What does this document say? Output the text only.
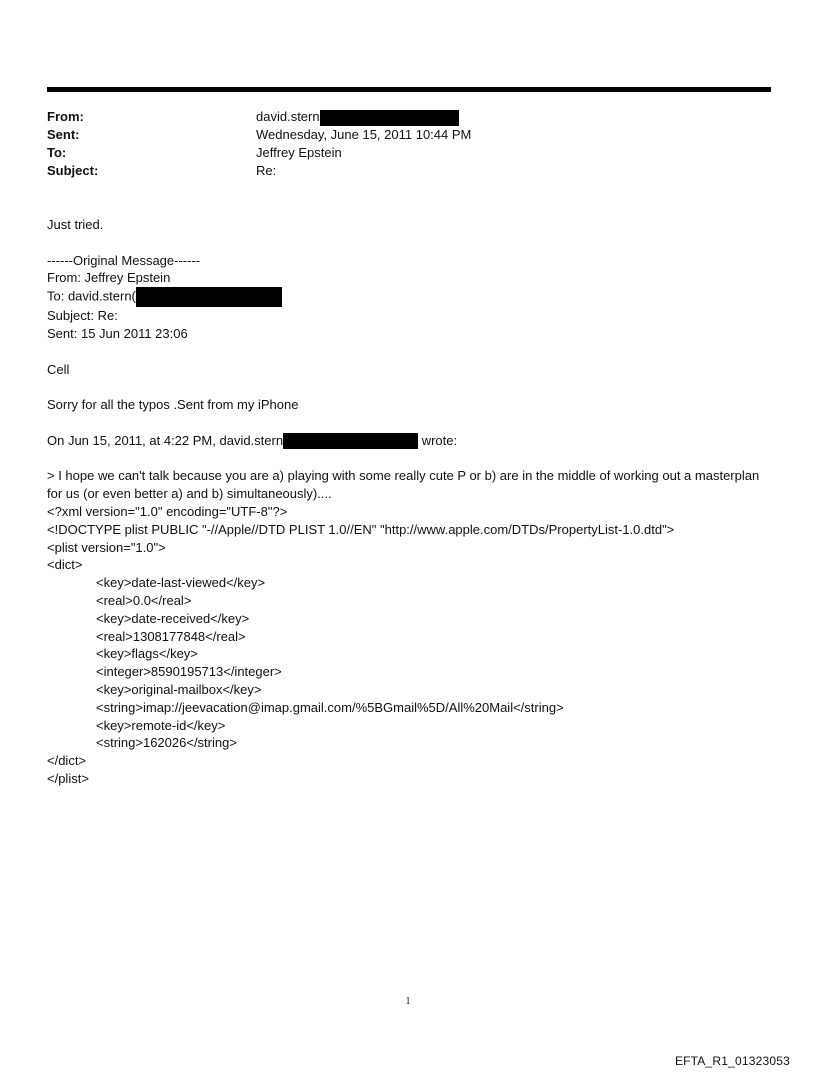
From:	david.stern
Sent:	Wednesday, June 15, 2011 10:44 PM
To:	Jeffrey Epstein
Subject:	Re:
Just tried.
------Original Message------
From: Jeffrey Epstein
To: david.stern(
Subject: Re:
Sent: 15 Jun 2011 23:06
Cell
Sorry for all the typos .Sent from my iPhone
On Jun 15, 2011, at 4:22 PM, david.stern	wrote:
> I hope we can't talk because you are a) playing with some really cute P or b) are in the middle of working out a masterplan for us (or even better a) and b) simultaneously)....
<?xml version="1.0" encoding="UTF-8"?>
<!DOCTYPE plist PUBLIC "-//Apple//DTD PLIST 1.0//EN" "http://www.apple.com/DTDs/PropertyList-1.0.dtd">
<plist version="1.0">
<dict>
<key>date-last-viewed</key>
<real>0.0</real>
<key>date-received</key>
<real>1308177848</real>
<key>flags</key>
<integer>8590195713</integer>
<key>original-mailbox</key>
<string>imap://jeevacation@imap.gmail.com/%5BGmail%5D/All%20Mail</string>
<key>remote-id</key>
<string>162026</string>
</dict>
</plist>
1
EFTA_R1_01323053
